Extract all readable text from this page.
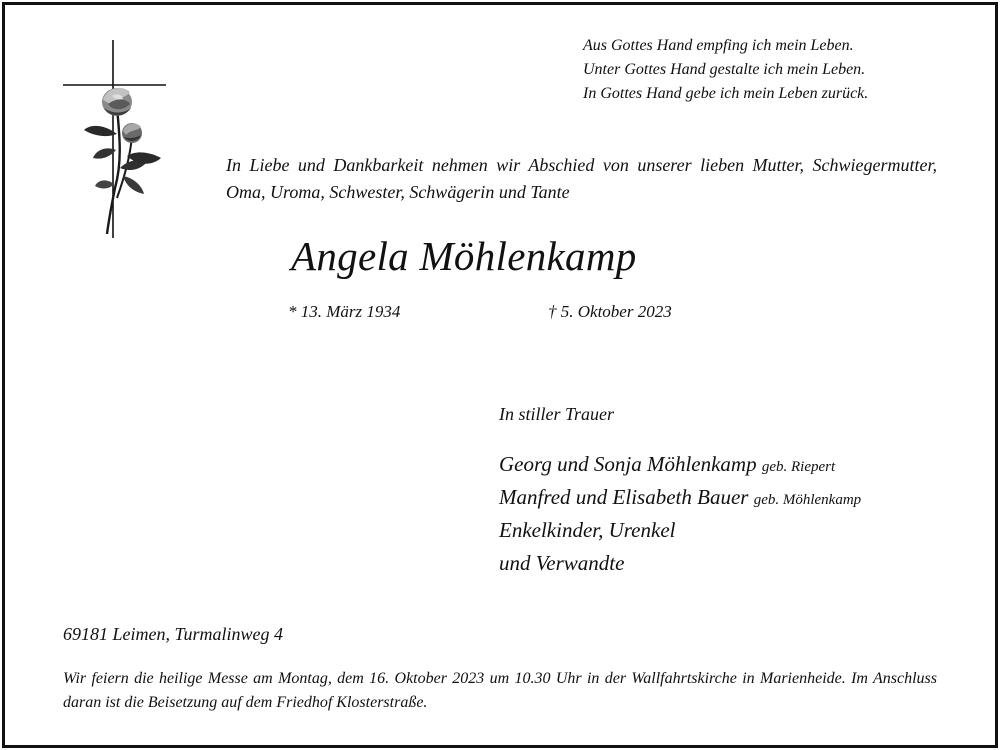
Aus Gottes Hand empfing ich mein Leben.
Unter Gottes Hand gestalte ich mein Leben.
In Gottes Hand gebe ich mein Leben zurück.
In Liebe und Dankbarkeit nehmen wir Abschied von unserer lieben Mutter, Schwiegermutter, Oma, Uroma, Schwester, Schwägerin und Tante
Angela Möhlenkamp
* 13. März 1934	† 5. Oktober 2023
In stiller Trauer
Georg und Sonja Möhlenkamp geb. Riepert
Manfred und Elisabeth Bauer geb. Möhlenkamp
Enkelkinder, Urenkel
und Verwandte
69181 Leimen, Turmalinweg 4
Wir feiern die heilige Messe am Montag, dem 16. Oktober 2023 um 10.30 Uhr in der Wallfahrtskirche in Marienheide. Im Anschluss daran ist die Beisetzung auf dem Friedhof Klosterstraße.
